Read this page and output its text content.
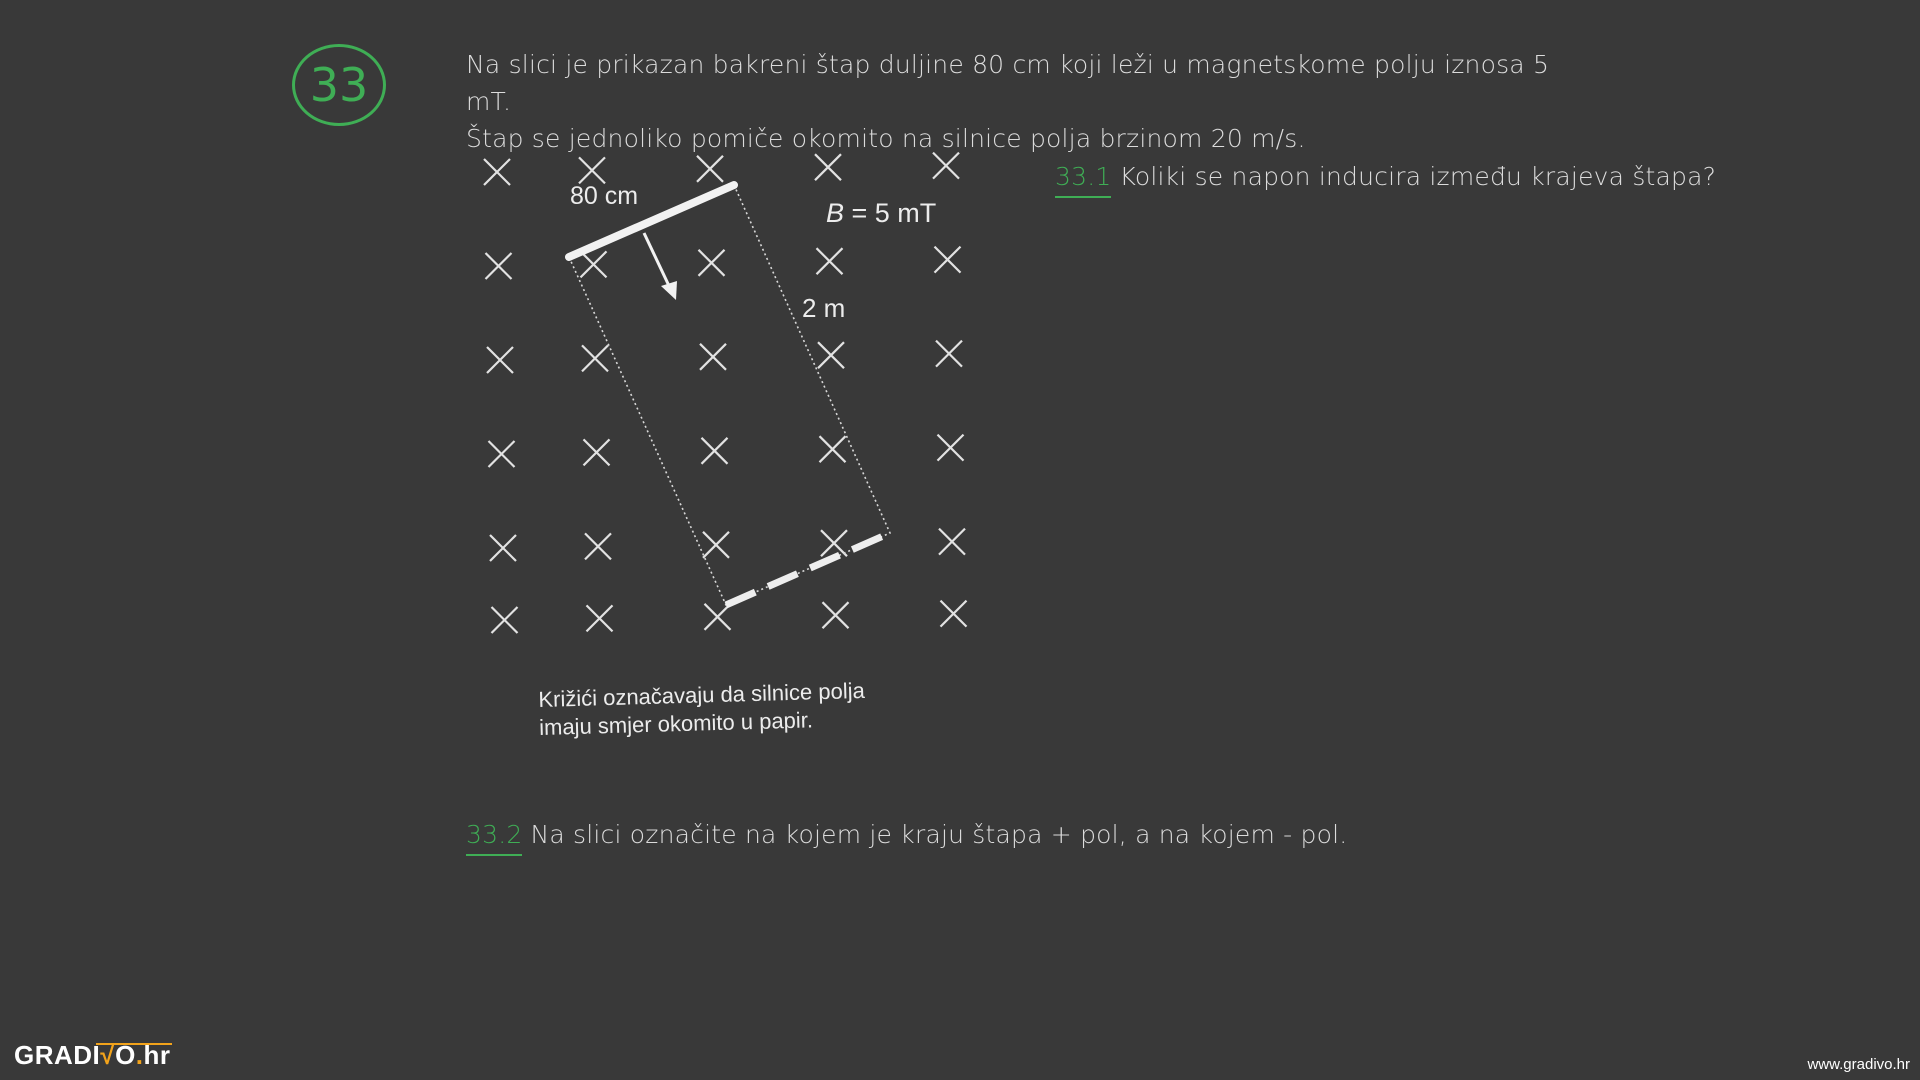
33	Na slici je prikazan bakreni štap duljine 80 cm koji leži u magnetskome polju iznosa 5 mT.
Štap se jednoliko pomiče okomito na silnice polja brzinom 20 m/s.
80 cm
B = 5 mT
2 m
Križići označavaju da silnice polja
imaju smjer okomito u papir.
33.1 Koliki se napon inducira između krajeva štapa?
33.2 Na slici označite na kojem je kraju štapa + pol, a na kojem - pol.
GRADI√O.hr	www.gradivo.hr
